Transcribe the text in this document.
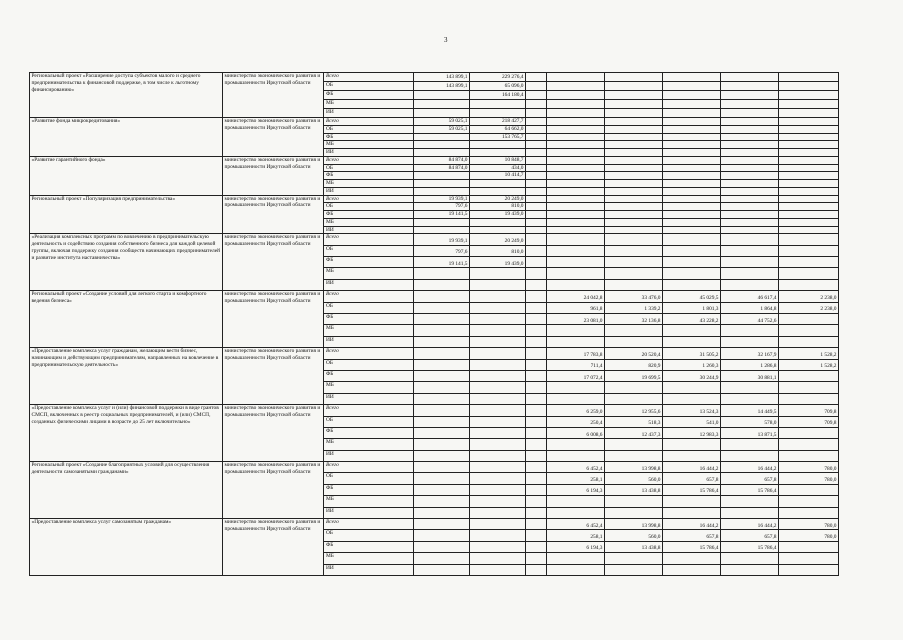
3
Региональный проект «Расширение доступа субъектов малого и среднего предпринимательства к финансовой поддержке, в том числе к льготному финансированию»	министерство экономического развития и промышленности Иркутской области	Всего	143 899,1	229 276,4						
		ОБ	143 899,1	65 096,0						
		ФБ		164 180,4						
		МБ								
		ИИ								
«Развитие фонда микрокредитования»	министерство экономического развития и промышленности Иркутской области	Всего	59 025,1	218 427,7						
		ОБ	59 025,1	64 662,0						
		ФБ		153 765,7						
		МБ								
		ИИ								
«Развитие гарантийного фонда»	министерство экономического развития и промышленности Иркутской области	Всего	84 874,0	10 848,7						
		ОБ	84 874,0	434,0						
		ФБ		10 414,7						
		МБ								
		ИИ								
Региональный проект «Популяризация предпринимательства»	министерство экономического развития и промышленности Иркутской области	Всего	19 939,1	20 249,0						
		ОБ	797,6	810,0						
		ФБ	19 141,5	19 439,0						
		МБ								
		ИИ								
«Реализация комплексных программ по вовлечению в предпринимательскую деятельность и содействию создания собственного бизнеса для каждой целевой группы, включая поддержку создания сообществ начинающих предпринимателей и развитие института наставничества»	министерство экономического развития и промышленности Иркутской области	Всего	19 939,1	20 249,0						
		ОБ	797,6	810,0						
		ФБ	19 141,5	19 439,0						
		МБ								
		ИИ								
Региональный проект «Создание условий для легкого старта и комфортного ведения бизнеса»	министерство экономического развития и промышленности Иркутской области	Всего				24 042,8	33 476,0	45 029,5	46 617,4	2 238,0
		ОБ				961,8	1 339,2	1 801,3	1 864,8	2 238,0
		ФБ				23 081,0	32 136,8	43 228,2	44 752,6	
		МБ								
		ИИ								
«Предоставление комплекса услуг гражданам, желающим вести бизнес, начинающим и действующим предпринимателям, направленных на вовлечение в предпринимательскую деятельность»	министерство экономического развития и промышленности Иркутской области	Всего				17 783,8	20 520,4	31 505,2	32 167,9	1 528,2
		ОБ				711,4	820,9	1 260,3	1 286,8	1 528,2
		ФБ				17 072,4	19 699,5	30 244,9	30 881,1	
		МБ								
		ИИ								
«Предоставление комплекса услуг и (или) финансовой поддержки в виде грантов СМСП, включенных в реестр социальных предпринимателей, и (или) СМСП, созданных физическими лицами в возрасте до 25 лет включительно»	министерство экономического развития и промышленности Иркутской области	Всего				6 259,0	12 955,6	13 524,3	14 449,5	709,8
		ОБ				250,4	518,3	541,0	578,0	709,8
		ФБ				6 008,6	12 437,3	12 983,3	13 871,5	
		МБ								
		ИИ								
Региональный проект «Создание благоприятных условий для осуществления деятельности самозанятыми гражданами»	министерство экономического развития и промышленности Иркутской области	Всего				6 452,4	13 998,8	16 444,2	16 444,2	780,0
		ОБ				258,1	560,0	657,8	657,8	780,0
		ФБ				6 194,3	13 438,8	15 786,4	15 786,4	
		МБ								
		ИИ								
«Предоставление комплекса услуг самозанятым гражданам»	министерство экономического развития и промышленности Иркутской области	Всего				6 452,4	13 998,8	16 444,2	16 444,2	780,0
		ОБ				258,1	560,0	657,8	657,8	780,0
		ФБ				6 194,3	13 438,8	15 786,4	15 786,4	
		МБ								
		ИИ								
